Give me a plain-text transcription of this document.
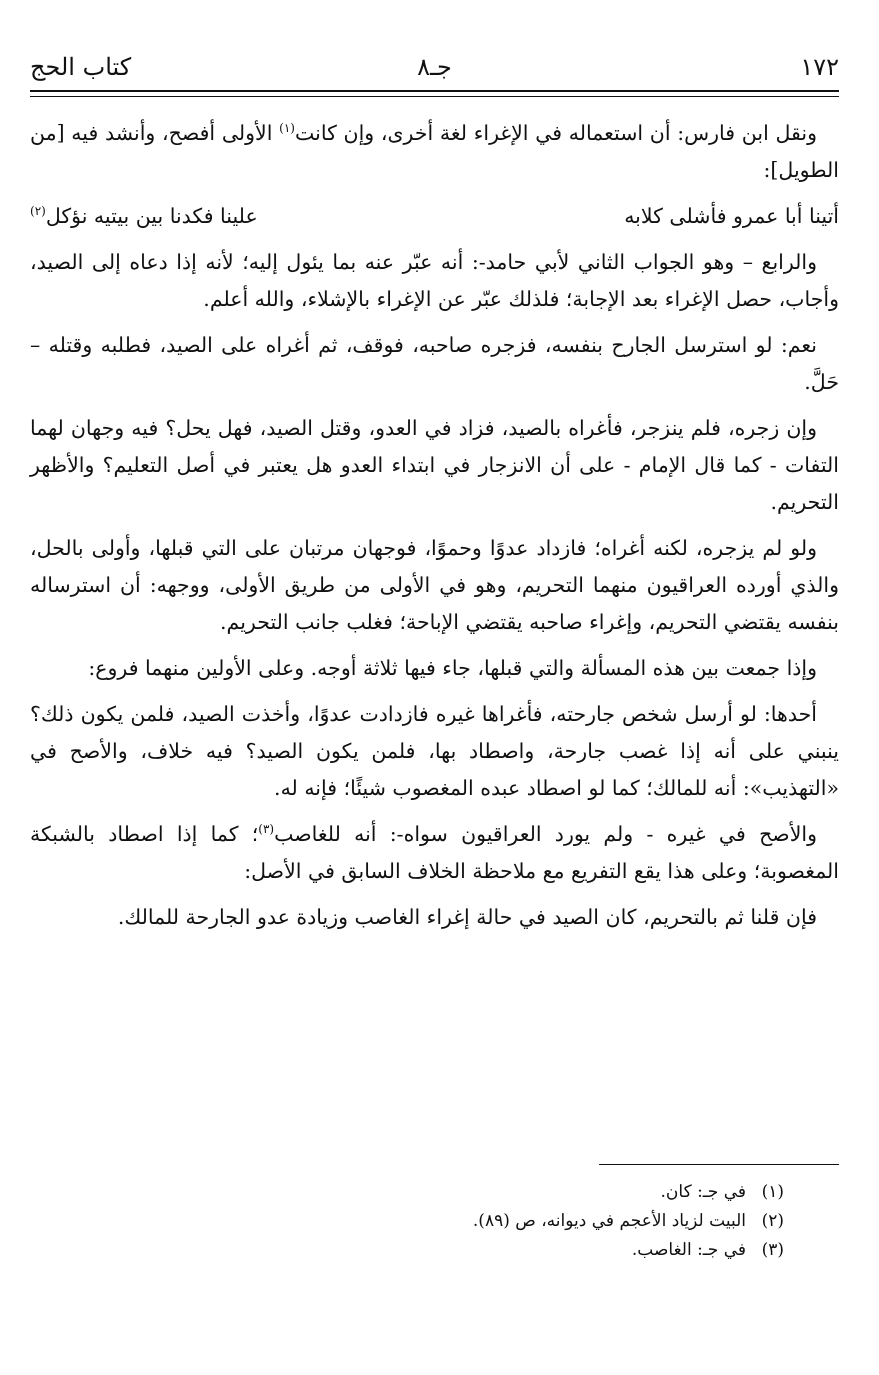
١٧٢
جـ٨
كتاب الحج

ونقل ابن فارس: أن استعماله في الإغراء لغة أخرى، وإن كانت$^{(١)}$ الأولى أفصح، وأنشد فيه [من الطويل]:

أتينا أبا عمرو فأشلى كلابه
علينا فكدنا بين بيتيه نؤكل$^{(٢)}$

والرابع – وهو الجواب الثاني لأبي حامد-: أنه عبّر عنه بما يئول إليه؛ لأنه إذا دعاه إلى الصيد، وأجاب، حصل الإغراء بعد الإجابة؛ فلذلك عبّر عن الإغراء بالإشلاء، والله أعلم.

نعم: لو استرسل الجارح بنفسه، فزجره صاحبه، فوقف، ثم أغراه على الصيد، فطلبه وقتله – حَلَّ.

وإن زجره، فلم ينزجر، فأغراه بالصيد، فزاد في العدو، وقتل الصيد، فهل يحل؟ فيه وجهان لهما التفات - كما قال الإمام - على أن الانزجار في ابتداء العدو هل يعتبر في أصل التعليم؟ والأظهر التحريم.

ولو لم يزجره، لكنه أغراه؛ فازداد عدوًا وحموًا، فوجهان مرتبان على التي قبلها، وأولى بالحل، والذي أورده العراقيون منهما التحريم، وهو في الأولى من طريق الأولى، ووجهه: أن استرساله بنفسه يقتضي التحريم، وإغراء صاحبه يقتضي الإباحة؛ فغلب جانب التحريم.

وإذا جمعت بين هذه المسألة والتي قبلها، جاء فيها ثلاثة أوجه. وعلى الأولين منهما فروع:

أحدها: لو أرسل شخص جارحته، فأغراها غيره فازدادت عدوًا، وأخذت الصيد، فلمن يكون ذلك؟ ينبني على أنه إذا غصب جارحة، واصطاد بها، فلمن يكون الصيد؟ فيه خلاف، والأصح في «التهذيب»: أنه للمالك؛ كما لو اصطاد عبده المغصوب شيئًا؛ فإنه له.

والأصح في غيره - ولم يورد العراقيون سواه-: أنه للغاصب$^{(٣)}$؛ كما إذا اصطاد بالشبكة المغصوبة؛ وعلى هذا يقع التفريع مع ملاحظة الخلاف السابق في الأصل:

فإن قلنا ثم بالتحريم، كان الصيد في حالة إغراء الغاصب وزيادة عدو الجارحة للمالك.

(١)
في جـ: كان.
(٢)
البيت لزياد الأعجم في ديوانه، ص (٨٩).
(٣)
في جـ: الغاصب.
